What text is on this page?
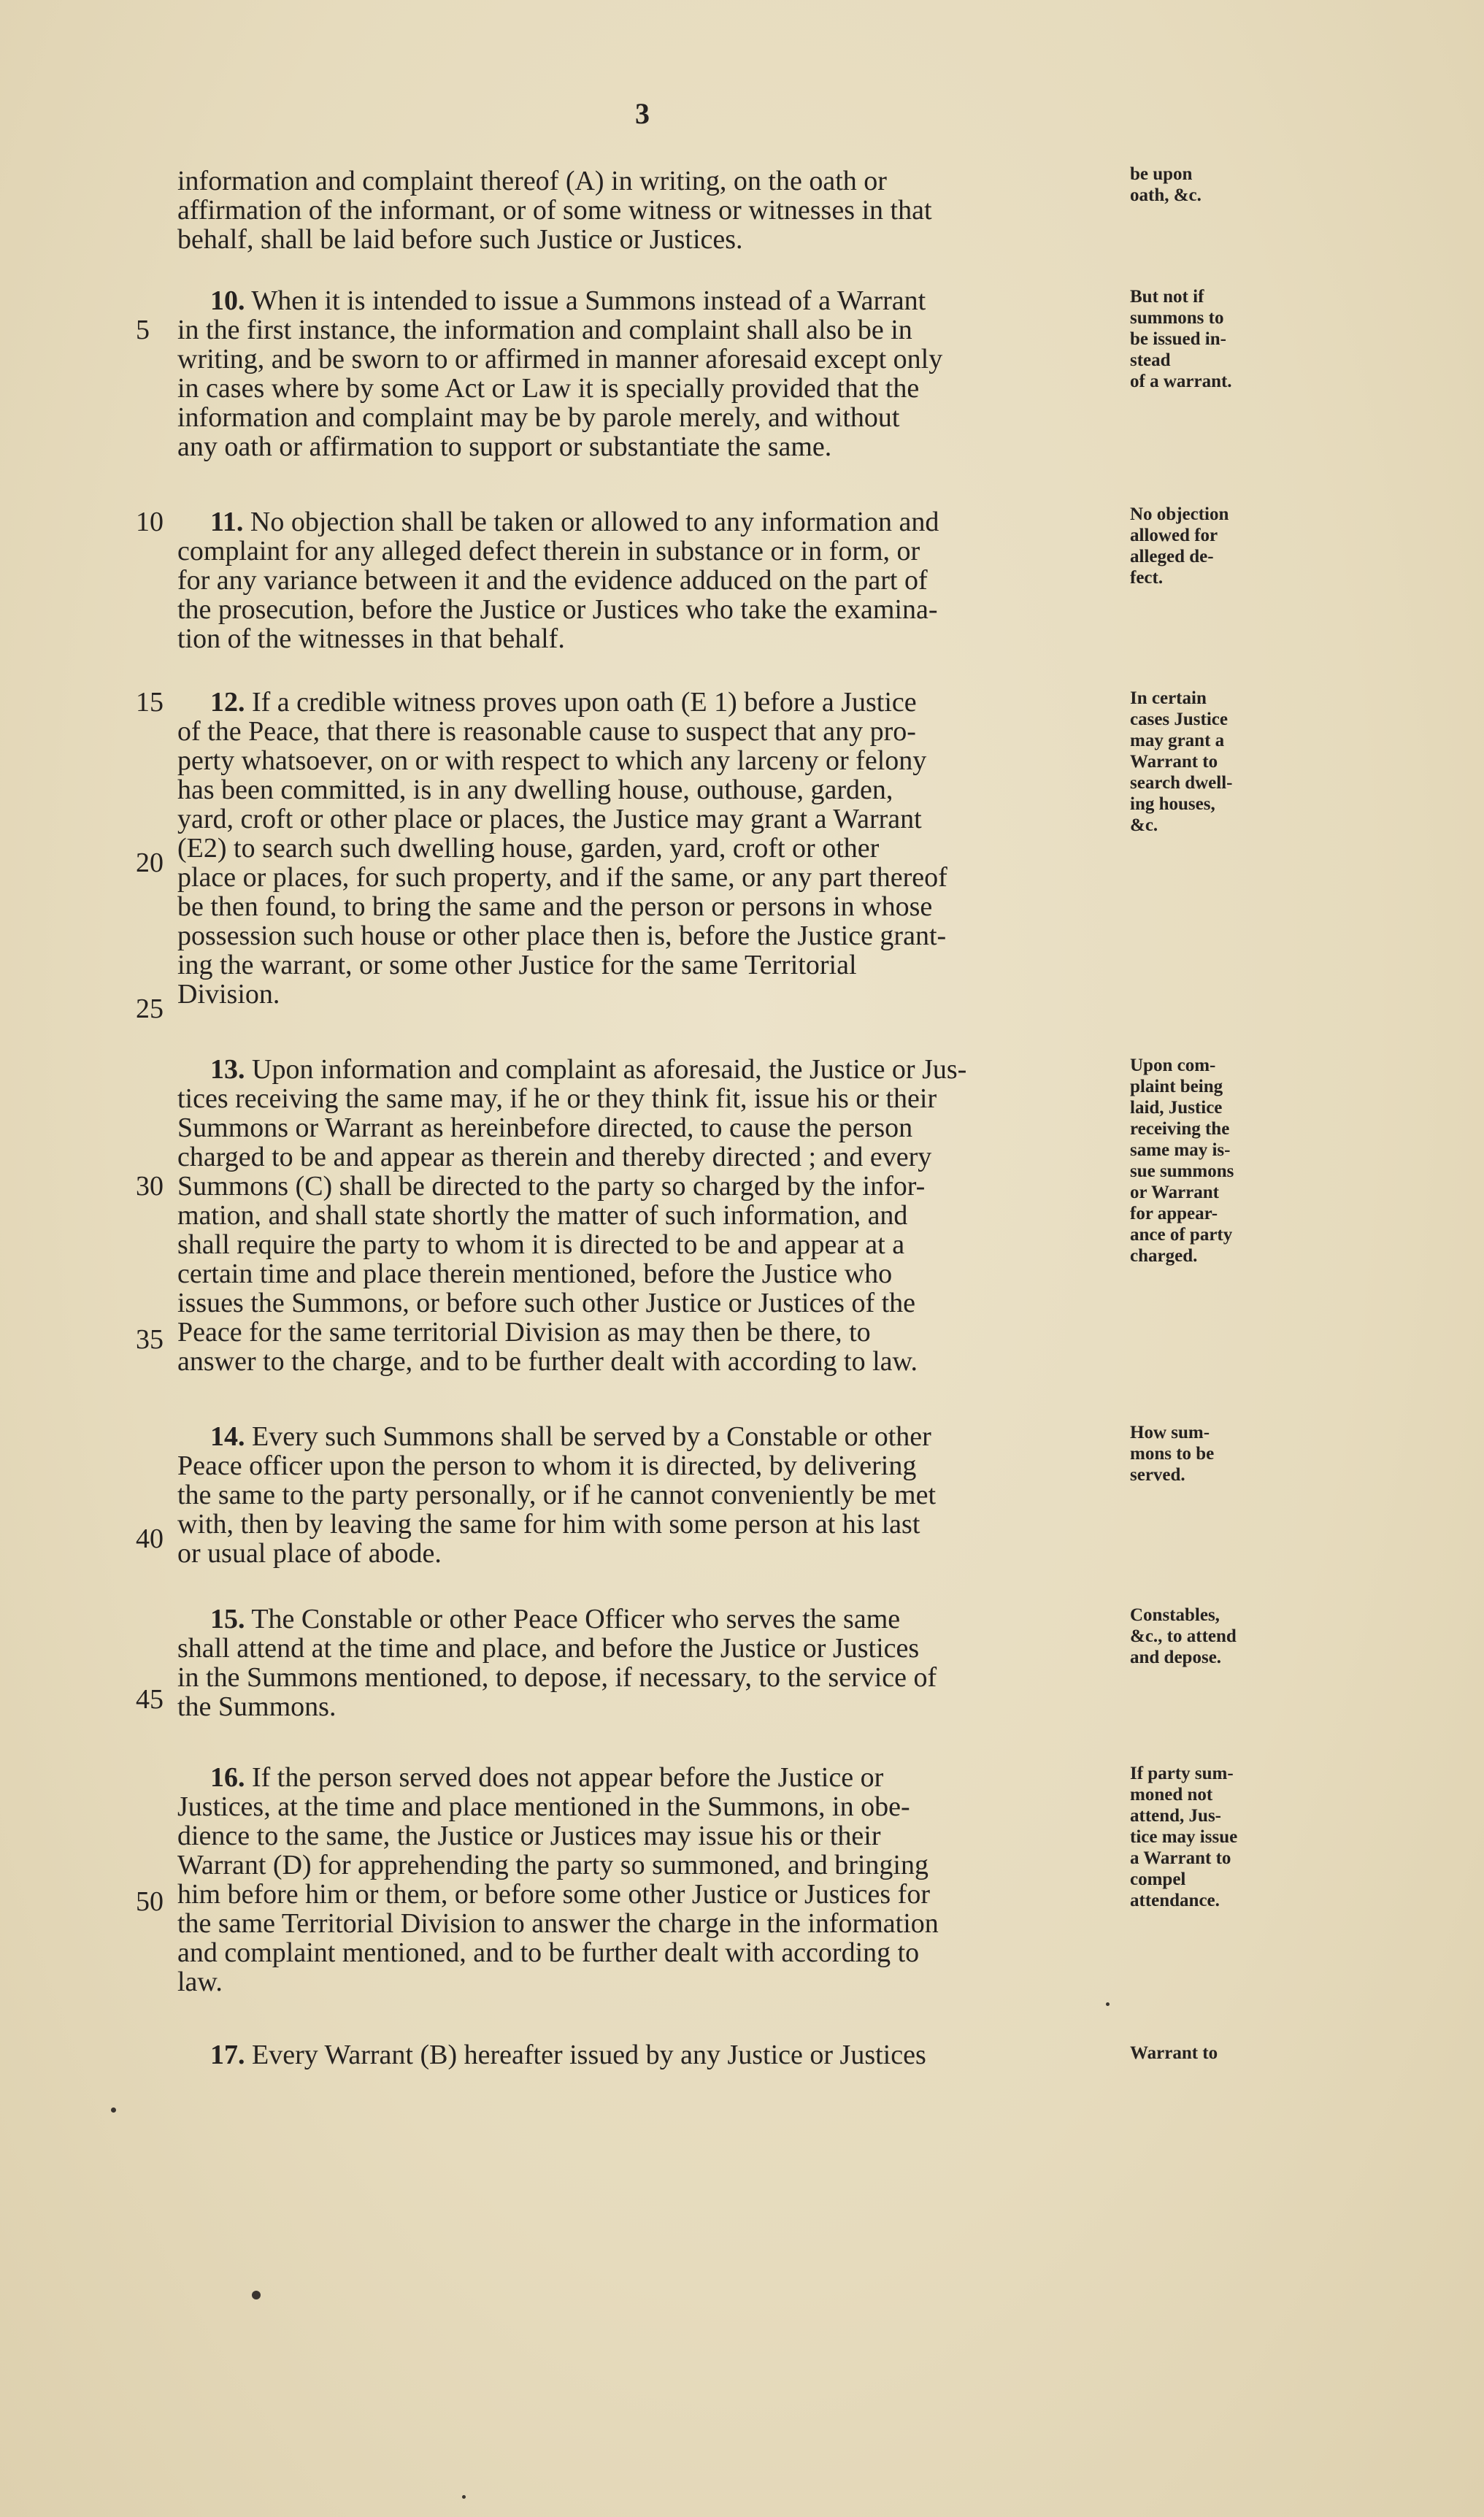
3
information and complaint thereof (A) in writing, on the oath or
affirmation of the informant, or of some witness or witnesses in that
behalf, shall be laid before such Justice or Justices.
be upon
oath, &c.
10. When it is intended to issue a Summons instead of a Warrant
in the first instance, the information and complaint shall also be in
writing, and be sworn to or affirmed in manner aforesaid except only
in cases where by some Act or Law it is specially provided that the
information and complaint may be by parole merely, and without
any oath or affirmation to support or substantiate the same.
But not if
summons to
be issued in-
stead
of a warrant.
11. No objection shall be taken or allowed to any information and
complaint for any alleged defect therein in substance or in form, or
for any variance between it and the evidence adduced on the part of
the prosecution, before the Justice or Justices who take the examina-
tion of the witnesses in that behalf.
No objection
allowed for
alleged de-
fect.
12. If a credible witness proves upon oath (E 1) before a Justice
of the Peace, that there is reasonable cause to suspect that any pro-
perty whatsoever, on or with respect to which any larceny or felony
has been committed, is in any dwelling house, outhouse, garden,
yard, croft or other place or places, the Justice may grant a Warrant
(E2) to search such dwelling house, garden, yard, croft or other
place or places, for such property, and if the same, or any part thereof
be then found, to bring the same and the person or persons in whose
possession such house or other place then is, before the Justice grant-
ing the warrant, or some other Justice for the same Territorial
Division.
In certain
cases Justice
may grant a
Warrant to
search dwell-
ing houses,
&c.
13. Upon information and complaint as aforesaid, the Justice or Jus-
tices receiving the same may, if he or they think fit, issue his or their
Summons or Warrant as hereinbefore directed, to cause the person
charged to be and appear as therein and thereby directed ; and every
Summons (C) shall be directed to the party so charged by the infor-
mation, and shall state shortly the matter of such information, and
shall require the party to whom it is directed to be and appear at a
certain time and place therein mentioned, before the Justice who
issues the Summons, or before such other Justice or Justices of the
Peace for the same territorial Division as may then be there, to
answer to the charge, and to be further dealt with according to law.
Upon com-
plaint being
laid, Justice
receiving the
same may is-
sue summons
or Warrant
for appear-
ance of party
charged.
14. Every such Summons shall be served by a Constable or other
Peace officer upon the person to whom it is directed, by delivering
the same to the party personally, or if he cannot conveniently be met
with, then by leaving the same for him with some person at his last
or usual place of abode.
How sum-
mons to be
served.
15. The Constable or other Peace Officer who serves the same
shall attend at the time and place, and before the Justice or Justices
in the Summons mentioned, to depose, if necessary, to the service of
the Summons.
Constables,
&c., to attend
and depose.
16. If the person served does not appear before the Justice or
Justices, at the time and place mentioned in the Summons, in obe-
dience to the same, the Justice or Justices may issue his or their
Warrant (D) for apprehending the party so summoned, and bringing
him before him or them, or before some other Justice or Justices for
the same Territorial Division to answer the charge in the information
and complaint mentioned, and to be further dealt with according to
law.
If party sum-
moned not
attend, Jus-
tice may issue
a Warrant to
compel
attendance.
17. Every Warrant (B) hereafter issued by any Justice or Justices	Warrant to
5
10
15
20
25
30
35
40
45
50
